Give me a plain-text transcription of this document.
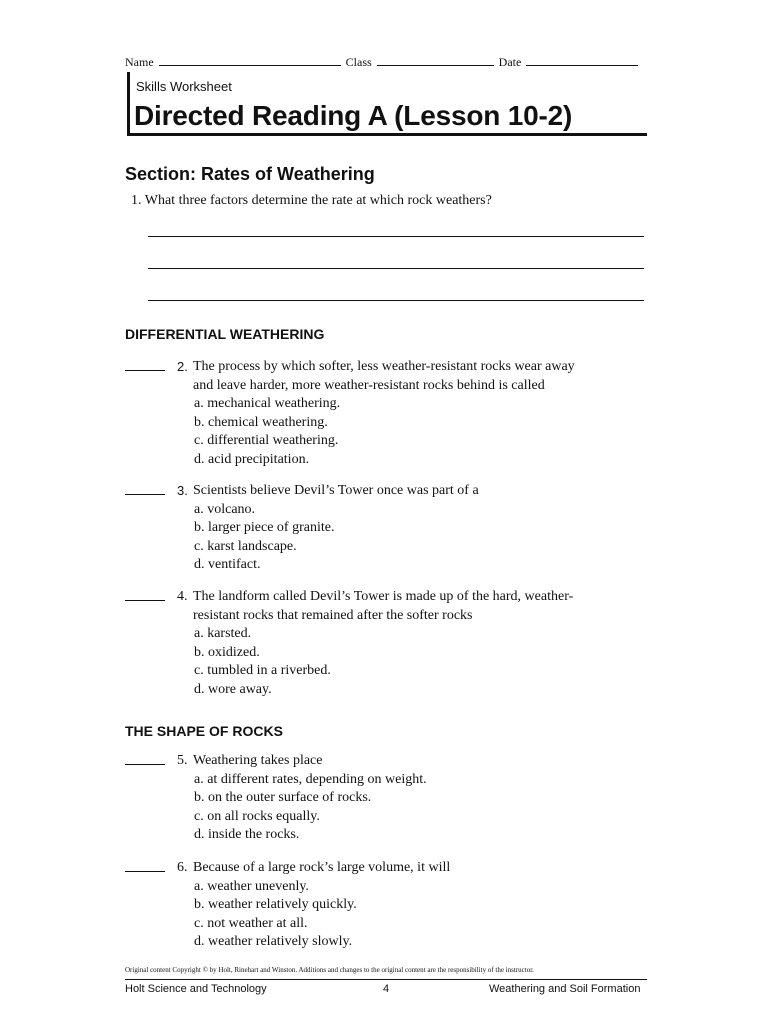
Name	Class	Date
Skills Worksheet
Directed Reading A (Lesson 10-2)
Section: Rates of Weathering
1. What three factors determine the rate at which rock weathers?
DIFFERENTIAL WEATHERING
2. The process by which softer, less weather-resistant rocks wear away
and leave harder, more weather-resistant rocks behind is called
a. mechanical weathering.
b. chemical weathering.
c. differential weathering.
d. acid precipitation.
3. Scientists believe Devil’s Tower once was part of a
a. volcano.
b. larger piece of granite.
c. karst landscape.
d. ventifact.
4. The landform called Devil’s Tower is made up of the hard, weather-
resistant rocks that remained after the softer rocks
a. karsted.
b. oxidized.
c. tumbled in a riverbed.
d. wore away.
THE SHAPE OF ROCKS
5. Weathering takes place
a. at different rates, depending on weight.
b. on the outer surface of rocks.
c. on all rocks equally.
d. inside the rocks.
6. Because of a large rock’s large volume, it will
a. weather unevenly.
b. weather relatively quickly.
c. not weather at all.
d. weather relatively slowly.
Original content Copyright © by Holt, Rinehart and Winston. Additions and changes to the original content are the responsibility of the instructor.
Holt Science and Technology	4	Weathering and Soil Formation
